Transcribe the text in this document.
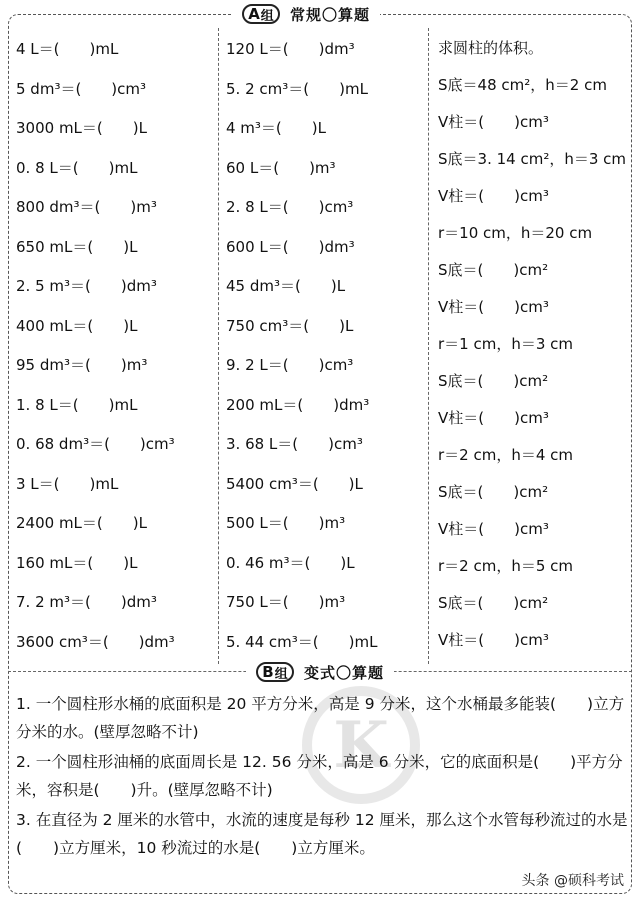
A 组 常规〇算题
4 L＝(　　)mL
5 dm³＝(　　)cm³
3000 mL＝(　　)L
0. 8 L＝(　　)mL
800 dm³＝(　　)m³
650 mL＝(　　)L
2. 5 m³＝(　　)dm³
400 mL＝(　　)L
95 dm³＝(　　)m³
1. 8 L＝(　　)mL
0. 68 dm³＝(　　)cm³
3 L＝(　　)mL
2400 mL＝(　　)L
160 mL＝(　　)L
7. 2 m³＝(　　)dm³
3600 cm³＝(　　)dm³
120 L＝(　　)dm³
5. 2 cm³＝(　　)mL
4 m³＝(　　)L
60 L＝(　　)m³
2. 8 L＝(　　)cm³
600 L＝(　　)dm³
45 dm³＝(　　)L
750 cm³＝(　　)L
9. 2 L＝(　　)cm³
200 mL＝(　　)dm³
3. 68 L＝(　　)cm³
5400 cm³＝(　　)L
500 L＝(　　)m³
0. 46 m³＝(　　)L
750 L＝(　　)m³
5. 44 cm³＝(　　)mL
求圆柱的体积。
S底＝48 cm²，h＝2 cm
V柱＝(　　)cm³
S底＝3. 14 cm²，h＝3 cm
V柱＝(　　)cm³
r＝10 cm，h＝20 cm
S底＝(　　)cm²
V柱＝(　　)cm³
r＝1 cm，h＝3 cm
S底＝(　　)cm²
V柱＝(　　)cm³
r＝2 cm，h＝4 cm
S底＝(　　)cm²
V柱＝(　　)cm³
r＝2 cm，h＝5 cm
S底＝(　　)cm²
V柱＝(　　)cm³
B 组 变式〇算题
K
1. 一个圆柱形水桶的底面积是 20 平方分米，高是 9 分米，这个水桶最多能装(　　)立方分米的水。(壁厚忽略不计)
2. 一个圆柱形油桶的底面周长是 12. 56 分米，高是 6 分米，它的底面积是(　　)平方分米，容积是(　　)升。(壁厚忽略不计)
3. 在直径为 2 厘米的水管中，水流的速度是每秒 12 厘米，那么这个水管每秒流过的水是(　　)立方厘米，10 秒流过的水是(　　)立方厘米。
头条 @硕科考试
